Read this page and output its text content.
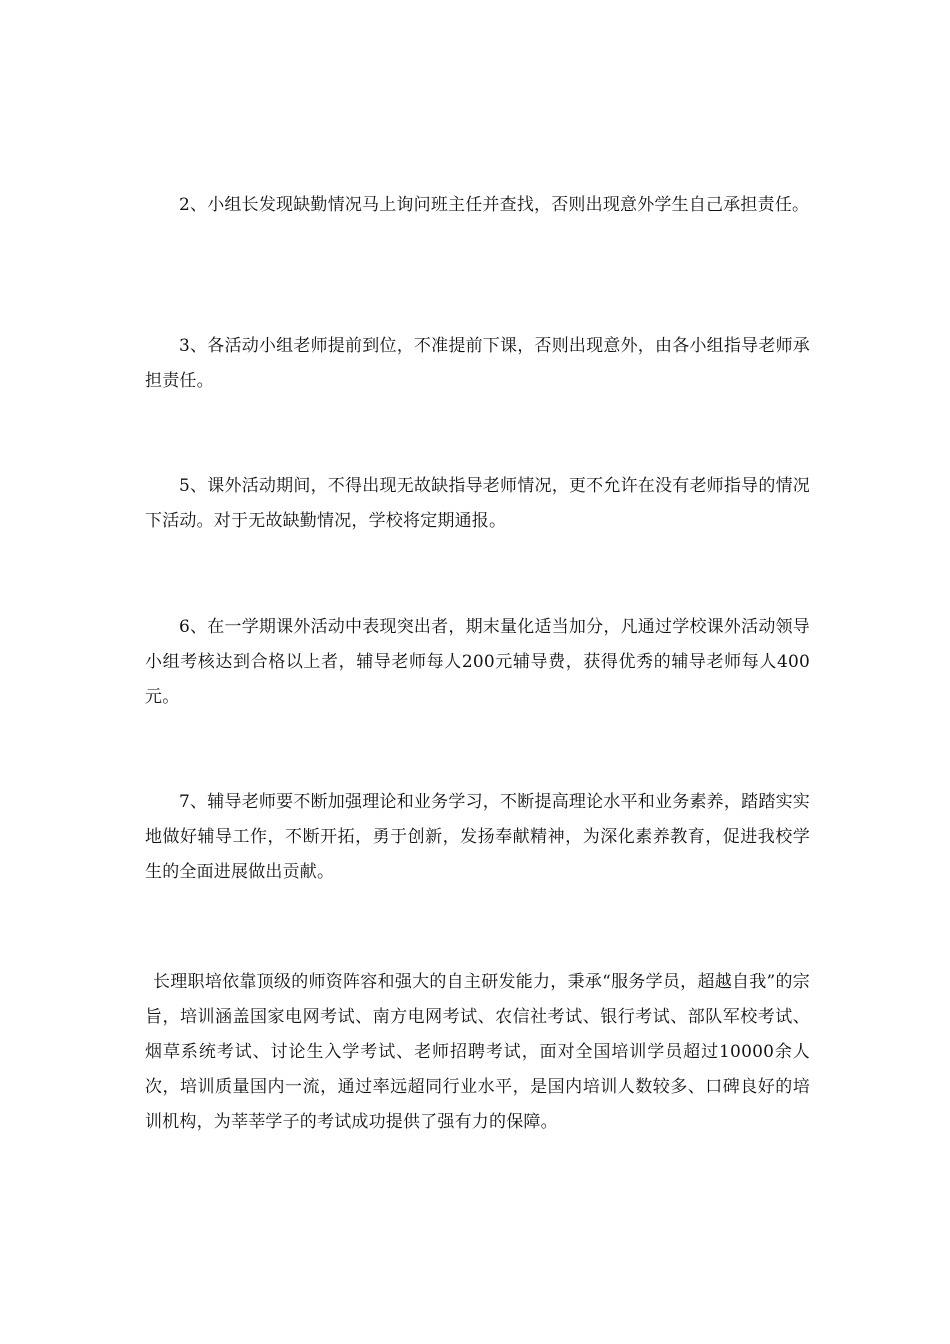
2、小组长发现缺勤情况马上询问班主任并查找，否则出现意外学生自己承担责任。

3、各活动小组老师提前到位，不准提前下课，否则出现意外，由各小组指导老师承担责任。

5、课外活动期间，不得出现无故缺指导老师情况，更不允许在没有老师指导的情况下活动。对于无故缺勤情况，学校将定期通报。

6、在一学期课外活动中表现突出者，期末量化适当加分，凡通过学校课外活动领导小组考核达到合格以上者，辅导老师每人200元辅导费，获得优秀的辅导老师每人400元。

7、辅导老师要不断加强理论和业务学习，不断提高理论水平和业务素养，踏踏实实地做好辅导工作，不断开拓，勇于创新，发扬奉献精神，为深化素养教育，促进我校学生的全面进展做出贡献。

长理职培依靠顶级的师资阵容和强大的自主研发能力，秉承“服务学员，超越自我”的宗旨，培训涵盖国家电网考试、南方电网考试、农信社考试、银行考试、部队军校考试、烟草系统考试、讨论生入学考试、老师招聘考试，面对全国培训学员超过10000余人次，培训质量国内一流，通过率远超同行业水平，是国内培训人数较多、口碑良好的培训机构，为莘莘学子的考试成功提供了强有力的保障。
